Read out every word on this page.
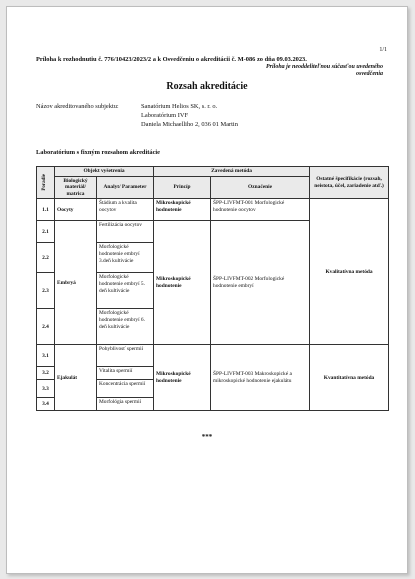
1/1
Príloha k rozhodnutiu č. 776/10423/2023/2 a k Osvedčeniu o akreditácii č. M-086 zo dňa 09.03.2023.
Príloha je neoddeliteľnou súčasťou uvedeného osvedčenia
Rozsah akreditácie
Názov akreditovaného subjektu:	Sanatórium Helios SK, s. r. o.
Laboratórium IVF
Daniela Michaelliho 2, 036 01 Martin
Laboratórium s fixným rozsahom akreditácie
Poradie	Objekt vyšetrenia		Zavedená metóda		Ostatné špecifikácie (rozsah, neistota, účel, zariadenie atď.)
	Biologický materiál/ matrica	Analyt/ Parameter	Princíp	Označenie	
1.1	Oocyty	Štádium a kvalita oocytov	Mikroskopické hodnotenie	ŠPP-LIVFMT-001 Morfologické hodnotenie oocytov	Kvalitatívna metóda
2.1	Embryá	Fertilizácia oocytov	Mikroskopické hodnotenie	ŠPP-LIVFMT-002 Morfologické hodnotenie embryí	
2.2		Morfologické hodnotenie embryí 3.deň kultivácie			
2.3		Morfologické hodnotenie embryí 5. deň kultivácie			
2.4		Morfologické hodnotenie embryí 6. deň kultivácie			
3.1	Ejakulát	Pohyblivosť spermií	Mikroskopické hodnotenie	ŠPP-LIVFMT-003 Makroskopické a mikroskopické hodnotenie ejakulátu	Kvantitatívna metóda
3.2		Vitalita spermií			
3.3		Koncentrácia spermií			
3.4		Morfológia spermií			
***
